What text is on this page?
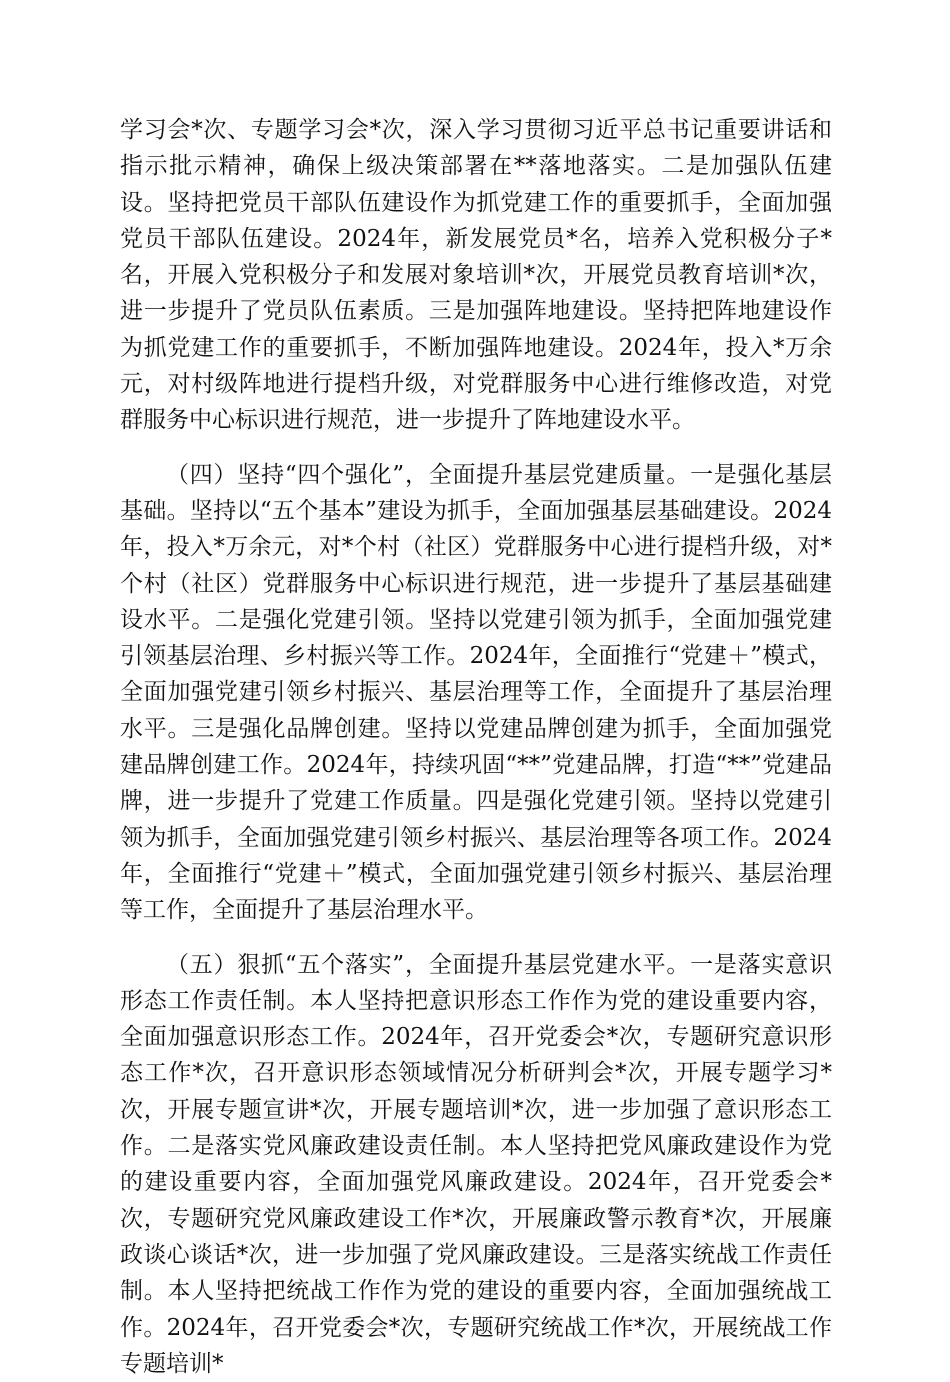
学习会*次、专题学习会*次，深入学习贯彻习近平总书记重要讲话和指示批示精神，确保上级决策部署在**落地落实。二是加强队伍建设。坚持把党员干部队伍建设作为抓党建工作的重要抓手，全面加强党员干部队伍建设。2024年，新发展党员*名，培养入党积极分子*名，开展入党积极分子和发展对象培训*次，开展党员教育培训*次，进一步提升了党员队伍素质。三是加强阵地建设。坚持把阵地建设作为抓党建工作的重要抓手，不断加强阵地建设。2024年，投入*万余元，对村级阵地进行提档升级，对党群服务中心进行维修改造，对党群服务中心标识进行规范，进一步提升了阵地建设水平。

（四）坚持“四个强化”，全面提升基层党建质量。一是强化基层基础。坚持以“五个基本”建设为抓手，全面加强基层基础建设。2024年，投入*万余元，对*个村（社区）党群服务中心进行提档升级，对*个村（社区）党群服务中心标识进行规范，进一步提升了基层基础建设水平。二是强化党建引领。坚持以党建引领为抓手，全面加强党建引领基层治理、乡村振兴等工作。2024年，全面推行“党建＋”模式，全面加强党建引领乡村振兴、基层治理等工作，全面提升了基层治理水平。三是强化品牌创建。坚持以党建品牌创建为抓手，全面加强党建品牌创建工作。2024年，持续巩固“**”党建品牌，打造“**”党建品牌，进一步提升了党建工作质量。四是强化党建引领。坚持以党建引领为抓手，全面加强党建引领乡村振兴、基层治理等各项工作。2024年，全面推行“党建＋”模式，全面加强党建引领乡村振兴、基层治理等工作，全面提升了基层治理水平。

（五）狠抓“五个落实”，全面提升基层党建水平。一是落实意识形态工作责任制。本人坚持把意识形态工作作为党的建设重要内容，全面加强意识形态工作。2024年，召开党委会*次，专题研究意识形态工作*次，召开意识形态领域情况分析研判会*次，开展专题学习*次，开展专题宣讲*次，开展专题培训*次，进一步加强了意识形态工作。二是落实党风廉政建设责任制。本人坚持把党风廉政建设作为党的建设重要内容，全面加强党风廉政建设。2024年，召开党委会*次，专题研究党风廉政建设工作*次，开展廉政警示教育*次，开展廉政谈心谈话*次，进一步加强了党风廉政建设。三是落实统战工作责任制。本人坚持把统战工作作为党的建设的重要内容，全面加强统战工作。2024年，召开党委会*次，专题研究统战工作*次，开展统战工作专题培训*
